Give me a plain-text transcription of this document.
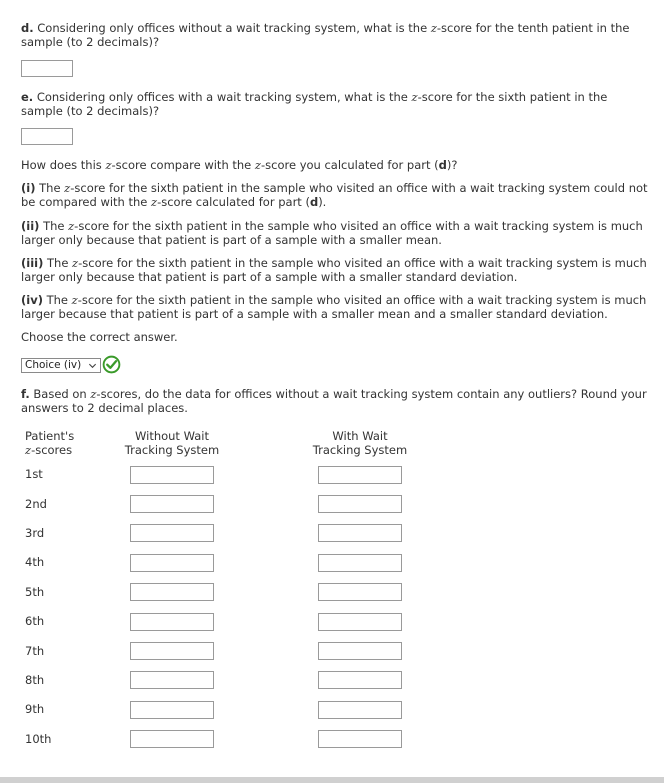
d. Considering only offices without a wait tracking system, what is the z-score for the tenth patient in the sample (to 2 decimals)?
e. Considering only offices with a wait tracking system, what is the z-score for the sixth patient in the sample (to 2 decimals)?
How does this z-score compare with the z-score you calculated for part (d)?
(i) The z-score for the sixth patient in the sample who visited an office with a wait tracking system could not be compared with the z-score calculated for part (d).
(ii) The z-score for the sixth patient in the sample who visited an office with a wait tracking system is much larger only because that patient is part of a sample with a smaller mean.
(iii) The z-score for the sixth patient in the sample who visited an office with a wait tracking system is much larger only because that patient is part of a sample with a smaller standard deviation.
(iv) The z-score for the sixth patient in the sample who visited an office with a wait tracking system is much larger because that patient is part of a sample with a smaller mean and a smaller standard deviation.
Choose the correct answer.
Choice (iv)
f. Based on z-scores, do the data for offices without a wait tracking system contain any outliers? Round your answers to 2 decimal places.
Patient's
z-scores
Without Wait
Tracking System
With Wait
Tracking System
1st
2nd
3rd
4th
5th
6th
7th
8th
9th
10th
